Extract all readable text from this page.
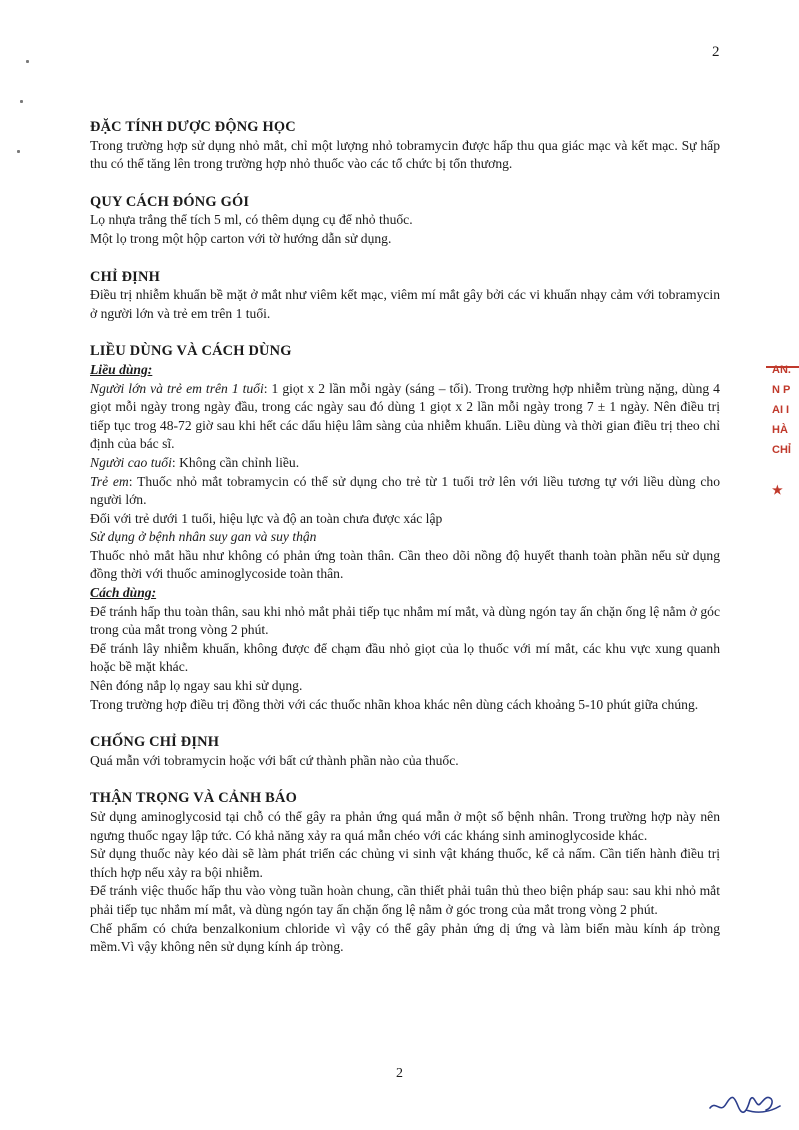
2

ĐẶC TÍNH DƯỢC ĐỘNG HỌC

Trong trường hợp sử dụng nhỏ mắt, chỉ một lượng nhỏ tobramycin được hấp thu qua giác mạc và kết mạc. Sự hấp thu có thể tăng lên trong trường hợp nhỏ thuốc vào các tổ chức bị tổn thương.

QUY CÁCH ĐÓNG GÓI

Lọ nhựa trắng thể tích 5 ml, có thêm dụng cụ để nhỏ thuốc.

Một lọ trong một hộp carton với tờ hướng dẫn sử dụng.

CHỈ ĐỊNH

Điều trị nhiễm khuẩn bề mặt ở mắt như viêm kết mạc, viêm mí mắt gây bởi các vi khuẩn nhạy cảm với tobramycin ở người lớn và trẻ em trên 1 tuổi.

LIỀU DÙNG VÀ CÁCH DÙNG

Liều dùng:

Người lớn và trẻ em trên 1 tuổi: 1 giọt x 2 lần mỗi ngày (sáng – tối). Trong trường hợp nhiễm trùng nặng, dùng 4 giọt mỗi ngày trong ngày đầu, trong các ngày sau đó dùng 1 giọt x 2 lần mỗi ngày trong 7 ± 1 ngày. Nên điều trị tiếp tục trog 48-72 giờ sau khi hết các dấu hiệu lâm sàng của nhiễm khuẩn. Liều dùng và thời gian điều trị theo chỉ định của bác sĩ.

Người cao tuổi: Không cần chỉnh liều.

Trẻ em: Thuốc nhỏ mắt tobramycin có thể sử dụng cho trẻ từ 1 tuổi trở lên với liều tương tự với liều dùng cho người lớn.

Đối với trẻ dưới 1 tuổi, hiệu lực và độ an toàn chưa được xác lập

Sử dụng ở bệnh nhân suy gan và suy thận

Thuốc nhỏ mắt hầu như không có phản ứng toàn thân. Cần theo dõi nồng độ huyết thanh toàn phần nếu sử dụng đồng thời với thuốc aminoglycoside toàn thân.

Cách dùng:

Để tránh hấp thu toàn thân, sau khi nhỏ mắt phải tiếp tục nhắm mí mắt, và dùng ngón tay ấn chặn ống lệ nằm ở góc trong của mắt trong vòng 2 phút.

Để tránh lây nhiễm khuẩn, không được để chạm đầu nhỏ giọt của lọ thuốc với mí mắt, các khu vực xung quanh hoặc bề mặt khác.

Nên đóng nắp lọ ngay sau khi sử dụng.

Trong trường hợp điều trị đồng thời với các thuốc nhãn khoa khác nên dùng cách khoảng 5-10 phút giữa chúng.

CHỐNG CHỈ ĐỊNH

Quá mẫn với tobramycin hoặc với bất cứ thành phần nào của thuốc.

THẬN TRỌNG VÀ CẢNH BÁO

Sử dụng aminoglycosid tại chỗ có thể gây ra phản ứng quá mẫn ở một số bệnh nhân. Trong trường hợp này nên ngưng thuốc ngay lập tức. Có khả năng xảy ra quá mẫn chéo với các kháng sinh aminoglycoside khác.

Sử dụng thuốc này kéo dài sẽ làm phát triển các chủng vi sinh vật kháng thuốc, kể cả nấm. Cần tiến hành điều trị thích hợp nếu xảy ra bội nhiễm.

Để tránh việc thuốc hấp thu vào vòng tuần hoàn chung, cần thiết phải tuân thủ theo biện pháp sau: sau khi nhỏ mắt phải tiếp tục nhắm mí mắt, và dùng ngón tay ấn chặn ống lệ nằm ở góc trong của mắt trong vòng 2 phút.

Chế phẩm có chứa benzalkonium chloride vì vậy có thể gây phản ứng dị ứng và làm biến màu kính áp tròng mềm.Vì vậy không nên sử dụng kính áp tròng.

AN.
N P
AI I
HÀ
CHỈ
★
2
